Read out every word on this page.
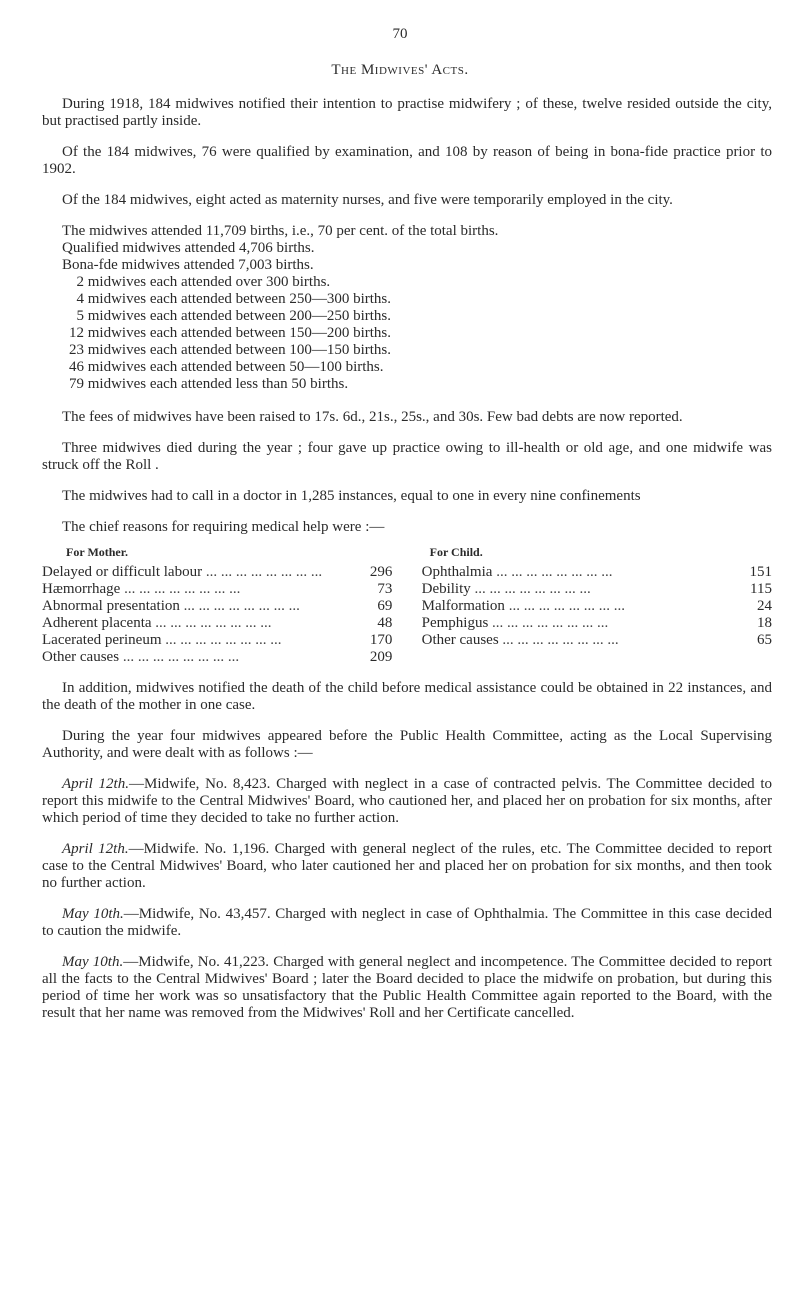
70
The Midwives' Acts.

During 1918, 184 midwives notified their intention to practise midwifery ; of these, twelve resided outside the city, but practised partly inside.

Of the 184 midwives, 76 were qualified by examination, and 108 by reason of being in bona-fide practice prior to 1902.

Of the 184 midwives, eight acted as maternity nurses, and five were temporarily employed in the city.

The midwives attended 11,709 births, i.e., 70 per cent. of the total births.
Qualified midwives attended 4,706 births.
Bona-fde midwives attended 7,003 births.
2 midwives each attended over 300 births.
4 midwives each attended between 250—300 births.
5 midwives each attended between 200—250 births.
12 midwives each attended between 150—200 births.
23 midwives each attended between 100—150 births.
46 midwives each attended between 50—100 births.
79 midwives each attended less than 50 births.

The fees of midwives have been raised to 17s. 6d., 21s., 25s., and 30s. Few bad debts are now reported.

Three midwives died during the year ; four gave up practice owing to ill-health or old age, and one midwife was struck off the Roll .

The midwives had to call in a doctor in 1,285 instances, equal to one in every nine confinements

The chief reasons for requiring medical help were :—

For Mother.
Delayed or difficult labour ... .	296
Hæmorrhage ... .	73
Abnormal presentation ... .	69
Adherent placenta ... .	48
Lacerated perineum ... .	170
Other causes ... .	209
For Child.
Ophthalmia ... .	151
Debility ... .	115
Malformation ... .	24
Pemphigus ... .	18
Other causes ... .	65

In addition, midwives notified the death of the child before medical assistance could be obtained in 22 instances, and the death of the mother in one case.

During the year four midwives appeared before the Public Health Committee, acting as the Local Supervising Authority, and were dealt with as follows :—

April 12th.—Midwife, No. 8,423. Charged with neglect in a case of contracted pelvis. The Committee decided to report this midwife to the Central Midwives' Board, who cautioned her, and placed her on probation for six months, after which period of time they decided to take no further action.

April 12th.—Midwife. No. 1,196. Charged with general neglect of the rules, etc. The Committee decided to report case to the Central Midwives' Board, who later cautioned her and placed her on probation for six months, and then took no further action.

May 10th.—Midwife, No. 43,457. Charged with neglect in case of Ophthalmia. The Committee in this case decided to caution the midwife.

May 10th.—Midwife, No. 41,223. Charged with general neglect and incompetence. The Committee decided to report all the facts to the Central Midwives' Board ; later the Board decided to place the midwife on probation, but during this period of time her work was so unsatisfactory that the Public Health Committee again reported to the Board, with the result that her name was removed from the Midwives' Roll and her Certificate cancelled.
